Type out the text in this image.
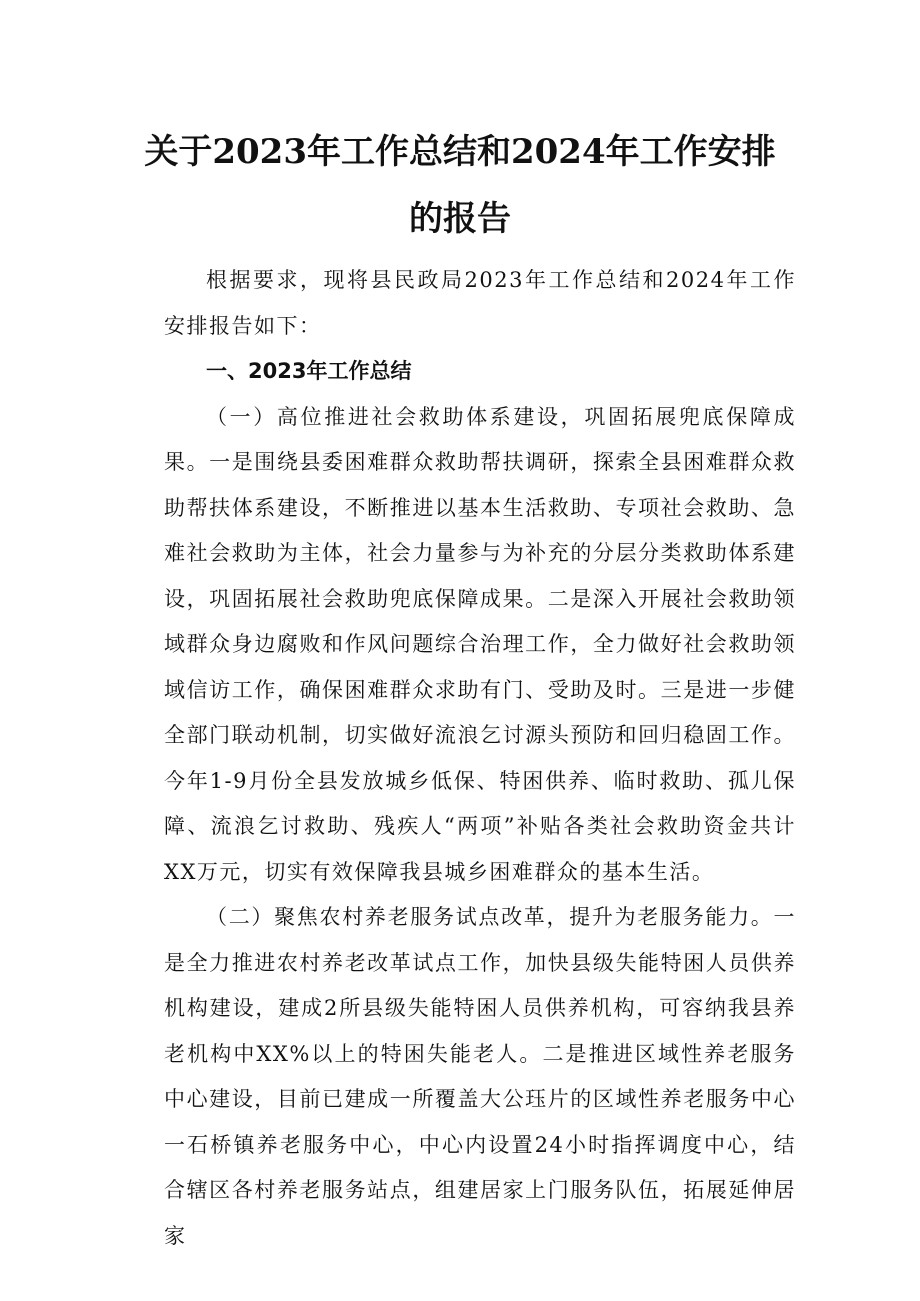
关于2023年工作总结和2024年工作安排
的报告

根据要求，现将县民政局2023年工作总结和2024年工作安排报告如下：

一、2023年工作总结

（一）高位推进社会救助体系建设，巩固拓展兜底保障成果。一是围绕县委困难群众救助帮扶调研，探索全县困难群众救助帮扶体系建设，不断推进以基本生活救助、专项社会救助、急难社会救助为主体，社会力量参与为补充的分层分类救助体系建设，巩固拓展社会救助兜底保障成果。二是深入开展社会救助领域群众身边腐败和作风问题综合治理工作，全力做好社会救助领域信访工作，确保困难群众求助有门、受助及时。三是进一步健全部门联动机制，切实做好流浪乞讨源头预防和回归稳固工作。今年1-9月份全县发放城乡低保、特困供养、临时救助、孤儿保障、流浪乞讨救助、残疾人“两项”补贴各类社会救助资金共计XX万元，切实有效保障我县城乡困难群众的基本生活。

（二）聚焦农村养老服务试点改革，提升为老服务能力。一是全力推进农村养老改革试点工作，加快县级失能特困人员供养机构建设，建成2所县级失能特困人员供养机构，可容纳我县养老机构中XX%以上的特困失能老人。二是推进区域性养老服务中心建设，目前已建成一所覆盖大公珏片的区域性养老服务中心一石桥镇养老服务中心，中心内设置24小时指挥调度中心，结合辖区各村养老服务站点，组建居家上门服务队伍，拓展延伸居家
